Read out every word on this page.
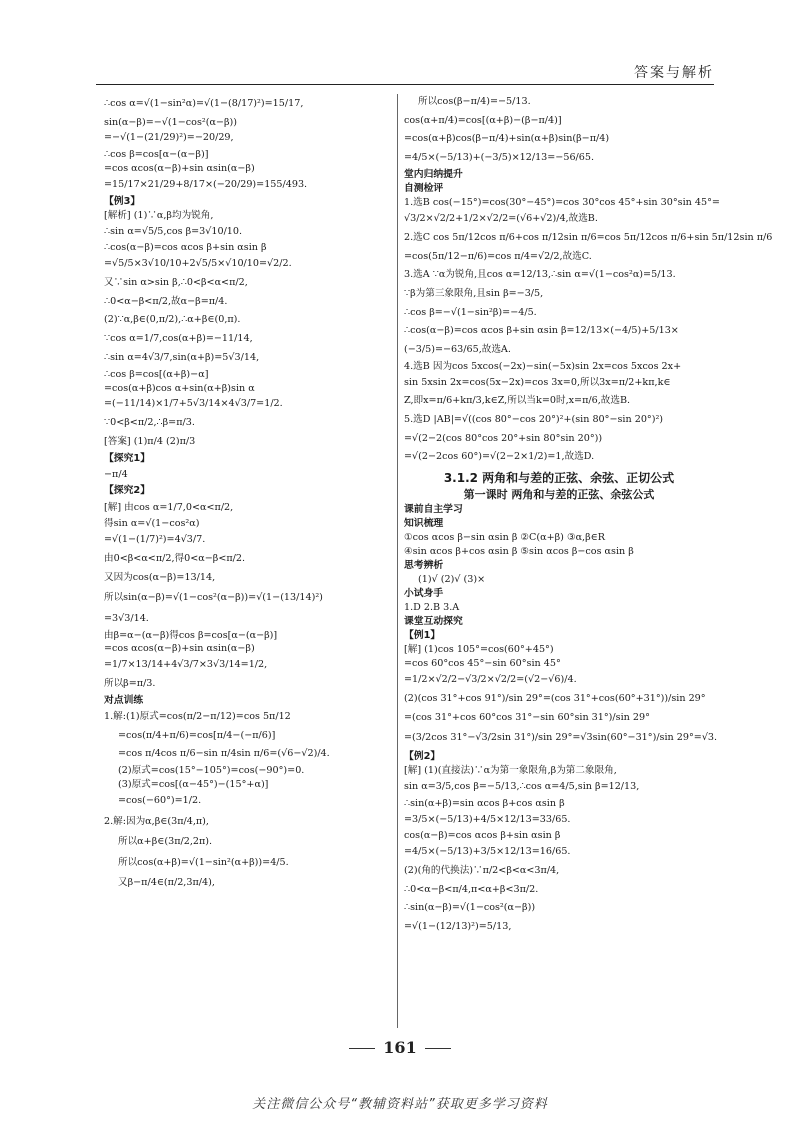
答案与解析

∴cos α=√(1−sin²α)=√(1−(8/17)²)=15/17,

sin(α−β)=−√(1−cos²(α−β))

=−√(1−(21/29)²)=−20/29,

∴cos β=cos[α−(α−β)]

=cos αcos(α−β)+sin αsin(α−β)

=15/17×21/29+8/17×(−20/29)=155/493.

【例3】

[解析] (1)∵α,β均为锐角,

∴sin α=√5/5,cos β=3√10/10.

∴cos(α−β)=cos αcos β+sin αsin β

=√5/5×3√10/10+2√5/5×√10/10=√2/2.

又∵sin α>sin β,∴0<β<α<π/2,

∴0<α−β<π/2,故α−β=π/4.

(2)∵α,β∈(0,π/2),∴α+β∈(0,π).

∵cos α=1/7,cos(α+β)=−11/14,

∴sin α=4√3/7,sin(α+β)=5√3/14,

∴cos β=cos[(α+β)−α]

=cos(α+β)cos α+sin(α+β)sin α

=(−11/14)×1/7+5√3/14×4√3/7=1/2.

∵0<β<π/2,∴β=π/3.

[答案] (1)π/4 (2)π/3

【探究1】

−π/4

【探究2】

[解] 由cos α=1/7,0<α<π/2,

得sin α=√(1−cos²α)

=√(1−(1/7)²)=4√3/7.

由0<β<α<π/2,得0<α−β<π/2.

又因为cos(α−β)=13/14,

所以sin(α−β)=√(1−cos²(α−β))=√(1−(13/14)²)

=3√3/14.

由β=α−(α−β)得cos β=cos[α−(α−β)]

=cos αcos(α−β)+sin αsin(α−β)

=1/7×13/14+4√3/7×3√3/14=1/2,

所以β=π/3.

对点训练

1.解:(1)原式=cos(π/2−π/12)=cos 5π/12

=cos(π/4+π/6)=cos[π/4−(−π/6)]

=cos π/4cos π/6−sin π/4sin π/6=(√6−√2)/4.

(2)原式=cos(15°−105°)=cos(−90°)=0.

(3)原式=cos[(α−45°)−(15°+α)]

=cos(−60°)=1/2.

2.解:因为α,β∈(3π/4,π),

所以α+β∈(3π/2,2π).

所以cos(α+β)=√(1−sin²(α+β))=4/5.

又β−π/4∈(π/2,3π/4),

所以cos(β−π/4)=−5/13.

cos(α+π/4)=cos[(α+β)−(β−π/4)]

=cos(α+β)cos(β−π/4)+sin(α+β)sin(β−π/4)

=4/5×(−5/13)+(−3/5)×12/13=−56/65.

堂内归纳提升

自测检评

1.选B cos(−15°)=cos(30°−45°)=cos 30°cos 45°+sin 30°sin 45°=

√3/2×√2/2+1/2×√2/2=(√6+√2)/4,故选B.

2.选C cos 5π/12cos π/6+cos π/12sin π/6=cos 5π/12cos π/6+sin 5π/12sin π/6

=cos(5π/12−π/6)=cos π/4=√2/2,故选C.

3.选A ∵α为锐角,且cos α=12/13,∴sin α=√(1−cos²α)=5/13.

∵β为第三象限角,且sin β=−3/5,

∴cos β=−√(1−sin²β)=−4/5.

∴cos(α−β)=cos αcos β+sin αsin β=12/13×(−4/5)+5/13×

(−3/5)=−63/65,故选A.

4.选B 因为cos 5xcos(−2x)−sin(−5x)sin 2x=cos 5xcos 2x+

sin 5xsin 2x=cos(5x−2x)=cos 3x=0,所以3x=π/2+kπ,k∈

Z,即x=π/6+kπ/3,k∈Z,所以当k=0时,x=π/6,故选B.

5.选D |AB|=√((cos 80°−cos 20°)²+(sin 80°−sin 20°)²)

=√(2−2(cos 80°cos 20°+sin 80°sin 20°))

=√(2−2cos 60°)=√(2−2×1/2)=1,故选D.

3.1.2 两角和与差的正弦、余弦、正切公式

第一课时 两角和与差的正弦、余弦公式

课前自主学习

知识梳理

①cos αcos β−sin αsin β ②C(α+β) ③α,β∈R

④sin αcos β+cos αsin β ⑤sin αcos β−cos αsin β

思考辨析

(1)√ (2)√ (3)×

小试身手

1.D 2.B 3.A

课堂互动探究

【例1】

[解] (1)cos 105°=cos(60°+45°)

=cos 60°cos 45°−sin 60°sin 45°

=1/2×√2/2−√3/2×√2/2=(√2−√6)/4.

(2)(cos 31°+cos 91°)/sin 29°=(cos 31°+cos(60°+31°))/sin 29°

=(cos 31°+cos 60°cos 31°−sin 60°sin 31°)/sin 29°

=(3/2cos 31°−√3/2sin 31°)/sin 29°=√3sin(60°−31°)/sin 29°=√3.

【例2】

[解] (1)(直接法)∵α为第一象限角,β为第二象限角,

sin α=3/5,cos β=−5/13,∴cos α=4/5,sin β=12/13,

∴sin(α+β)=sin αcos β+cos αsin β

=3/5×(−5/13)+4/5×12/13=33/65.

cos(α−β)=cos αcos β+sin αsin β

=4/5×(−5/13)+3/5×12/13=16/65.

(2)(角的代换法)∵π/2<β<α<3π/4,

∴0<α−β<π/4,π<α+β<3π/2.

∴sin(α−β)=√(1−cos²(α−β))

=√(1−(12/13)²)=5/13,

161
关注微信公众号“教辅资料站”获取更多学习资料
